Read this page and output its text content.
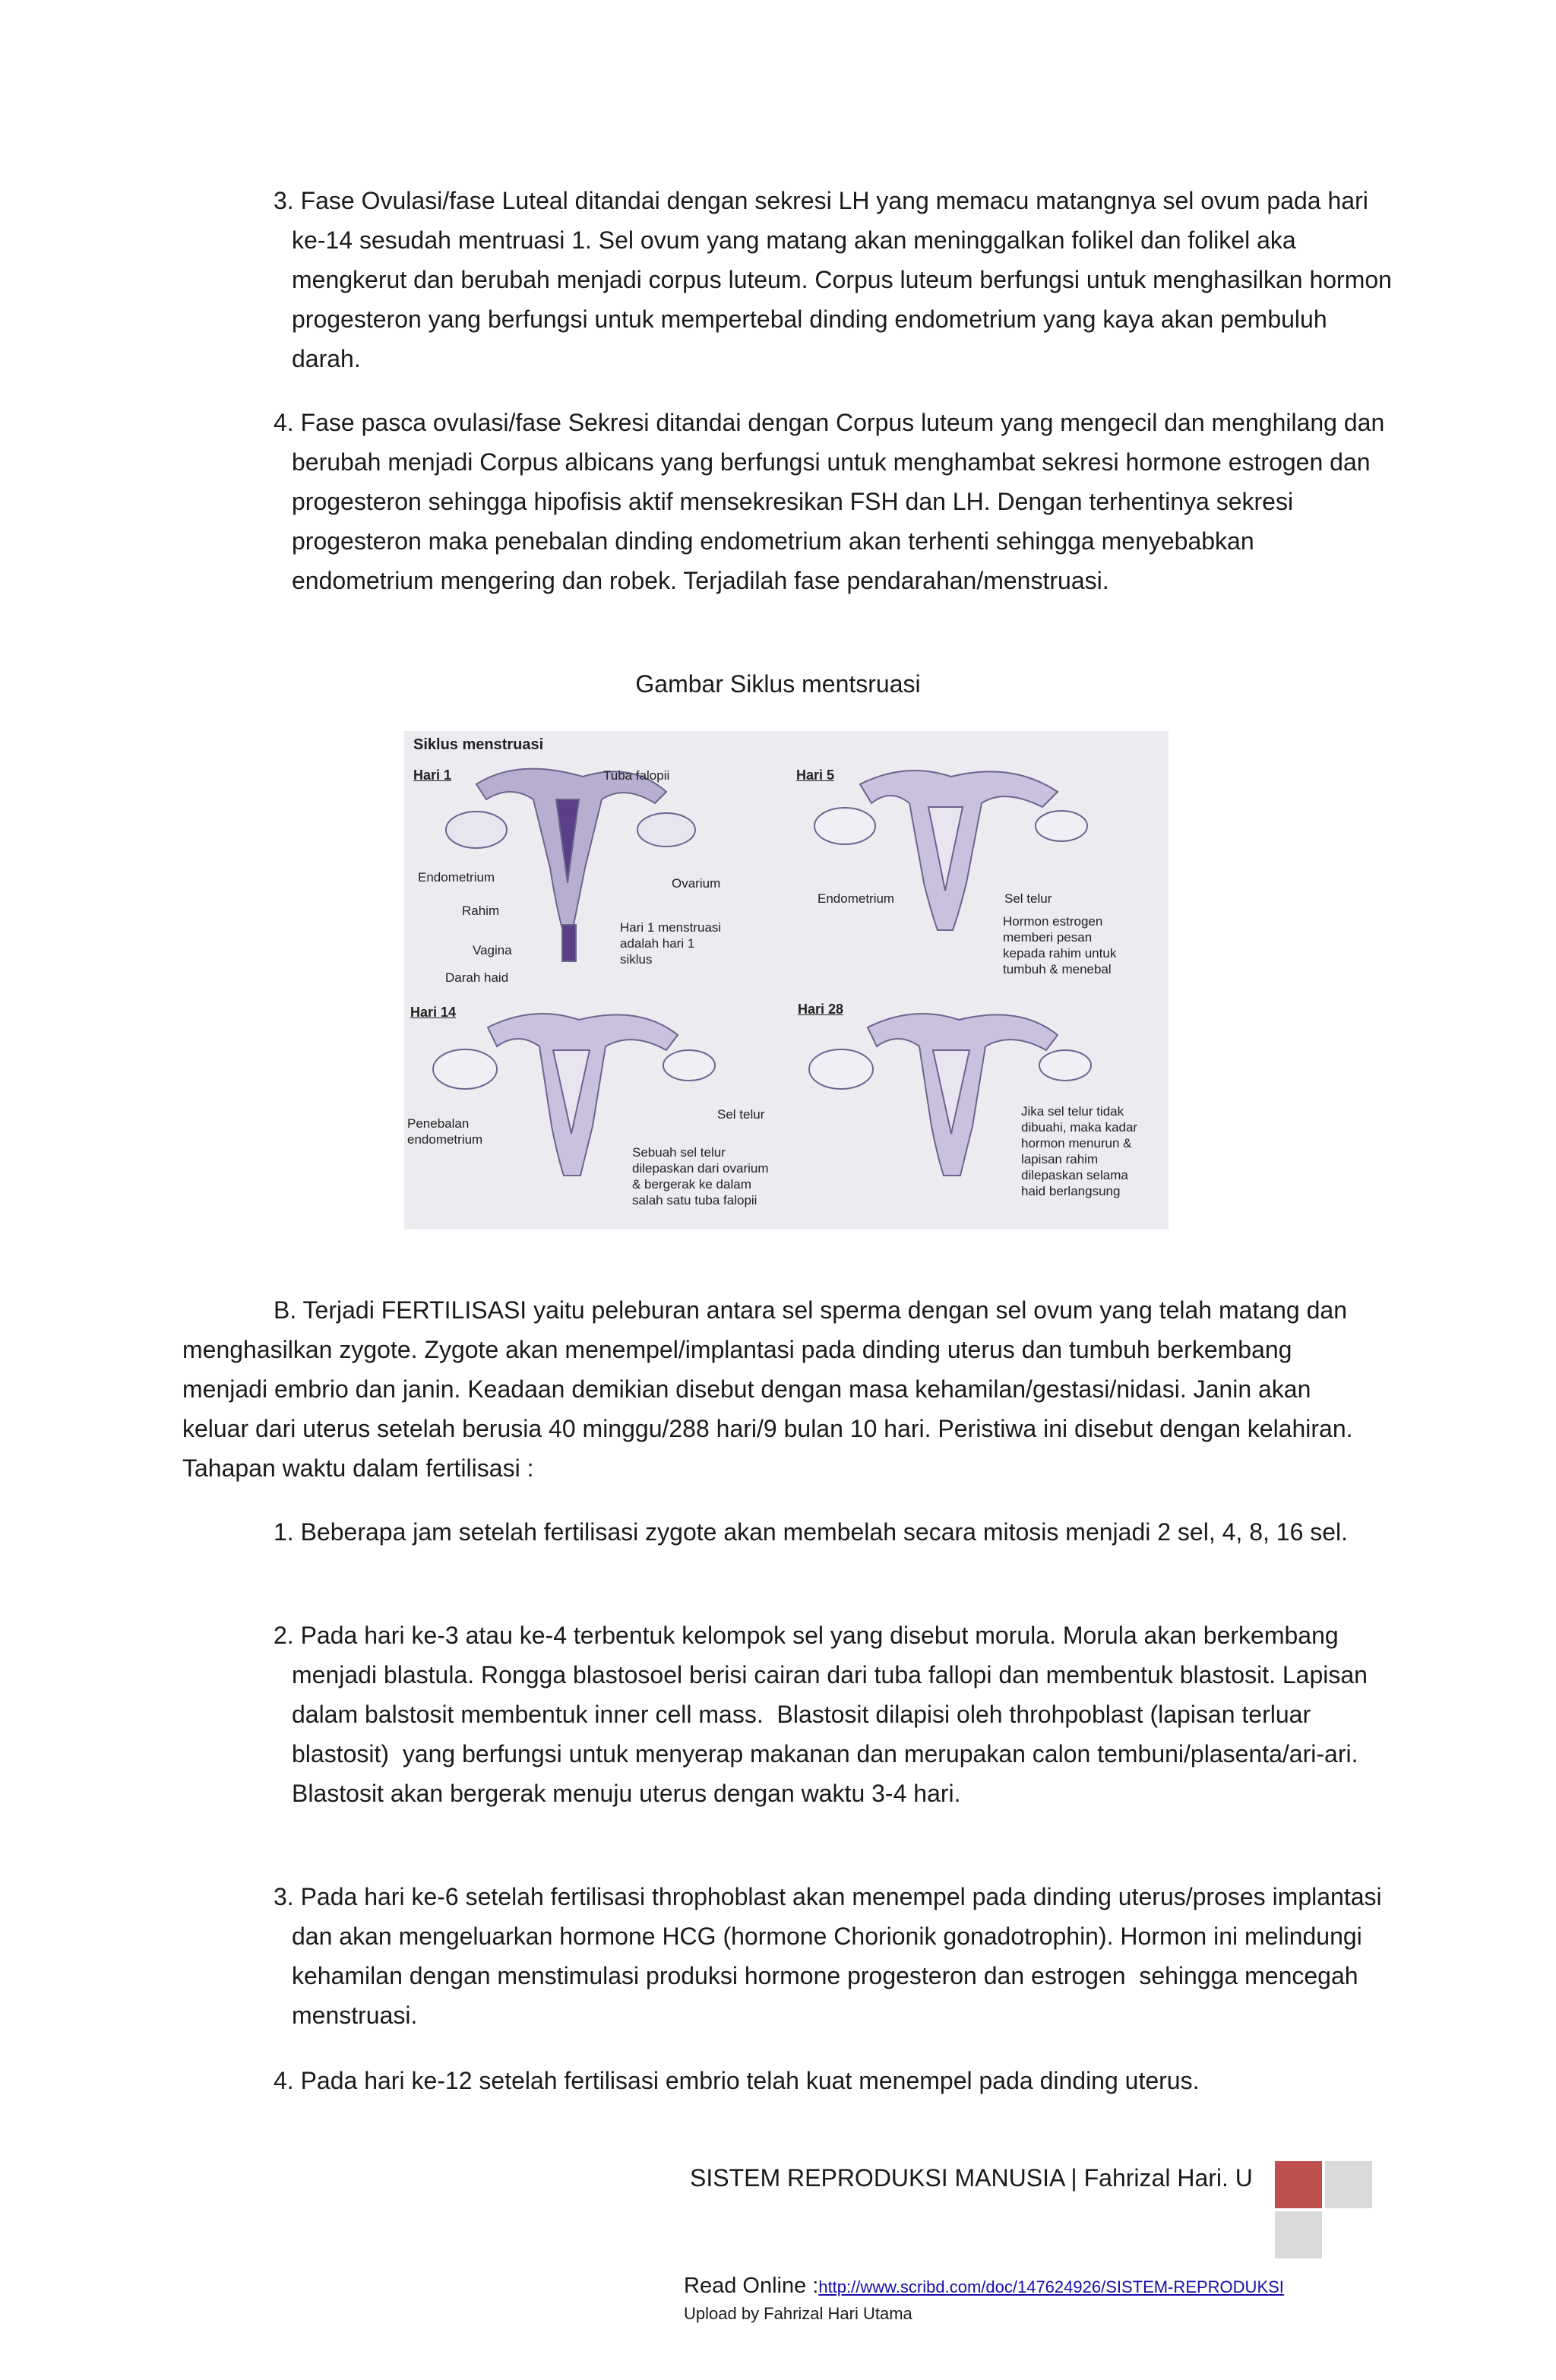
3. Fase Ovulasi/fase Luteal ditandai dengan sekresi LH yang memacu matangnya sel ovum pada hari ke-14 sesudah mentruasi 1. Sel ovum yang matang akan meninggalkan folikel dan folikel aka mengkerut dan berubah menjadi corpus luteum. Corpus luteum berfungsi untuk menghasilkan hormon progesteron yang berfungsi untuk mempertebal dinding endometrium yang kaya akan pembuluh darah.

4. Fase pasca ovulasi/fase Sekresi ditandai dengan Corpus luteum yang mengecil dan menghilang dan berubah menjadi Corpus albicans yang berfungsi untuk menghambat sekresi hormone estrogen dan progesteron sehingga hipofisis aktif mensekresikan FSH dan LH. Dengan terhentinya sekresi progesteron maka penebalan dinding endometrium akan terhenti sehingga menyebabkan endometrium mengering dan robek. Terjadilah fase pendarahan/menstruasi.

Gambar Siklus mentsruasi

Siklus menstruasi
Hari 1	Tuba falopii
Endometrium
Rahim
Vagina
Darah haid
Ovarium
Hari 1 menstruasi
adalah hari 1
siklus
Hari 5
Endometrium	Sel telur
Hormon estrogen
memberi pesan
kepada rahim untuk
tumbuh & menebal
Hari 14
Penebalan
endometrium
Sel telur
Sebuah sel telur
dilepaskan dari ovarium
& bergerak ke dalam
salah satu tuba falopii
Hari 28
Jika sel telur tidak
dibuahi, maka kadar
hormon menurun &
lapisan rahim
dilepaskan selama
haid berlangsung

B. Terjadi FERTILISASI yaitu peleburan antara sel sperma dengan sel ovum yang telah matang dan menghasilkan zygote. Zygote akan menempel/implantasi pada dinding uterus dan tumbuh berkembang menjadi embrio dan janin. Keadaan demikian disebut dengan masa kehamilan/gestasi/nidasi. Janin akan keluar dari uterus setelah berusia 40 minggu/288 hari/9 bulan 10 hari. Peristiwa ini disebut dengan kelahiran.  Tahapan waktu dalam fertilisasi :

1. Beberapa jam setelah fertilisasi zygote akan membelah secara mitosis menjadi 2 sel, 4, 8, 16 sel.

2. Pada hari ke-3 atau ke-4 terbentuk kelompok sel yang disebut morula. Morula akan berkembang menjadi blastula. Rongga blastosoel berisi cairan dari tuba fallopi dan membentuk blastosit. Lapisan dalam balstosit membentuk inner cell mass.  Blastosit dilapisi oleh throhpoblast (lapisan terluar blastosit)  yang berfungsi untuk menyerap makanan dan merupakan calon tembuni/plasenta/ari-ari. Blastosit akan bergerak menuju uterus dengan waktu 3-4 hari.

3. Pada hari ke-6 setelah fertilisasi throphoblast akan menempel pada dinding uterus/proses implantasi dan akan mengeluarkan hormone HCG (hormone Chorionik gonadotrophin). Hormon ini melindungi kehamilan dengan menstimulasi produksi hormone progesteron dan estrogen  sehingga mencegah menstruasi.

4. Pada hari ke-12 setelah fertilisasi embrio telah kuat menempel pada dinding uterus.

SISTEM REPRODUKSI MANUSIA | Fahrizal Hari. U
Read Online :http://www.scribd.com/doc/147624926/SISTEM-REPRODUKSI
Upload by Fahrizal Hari Utama
